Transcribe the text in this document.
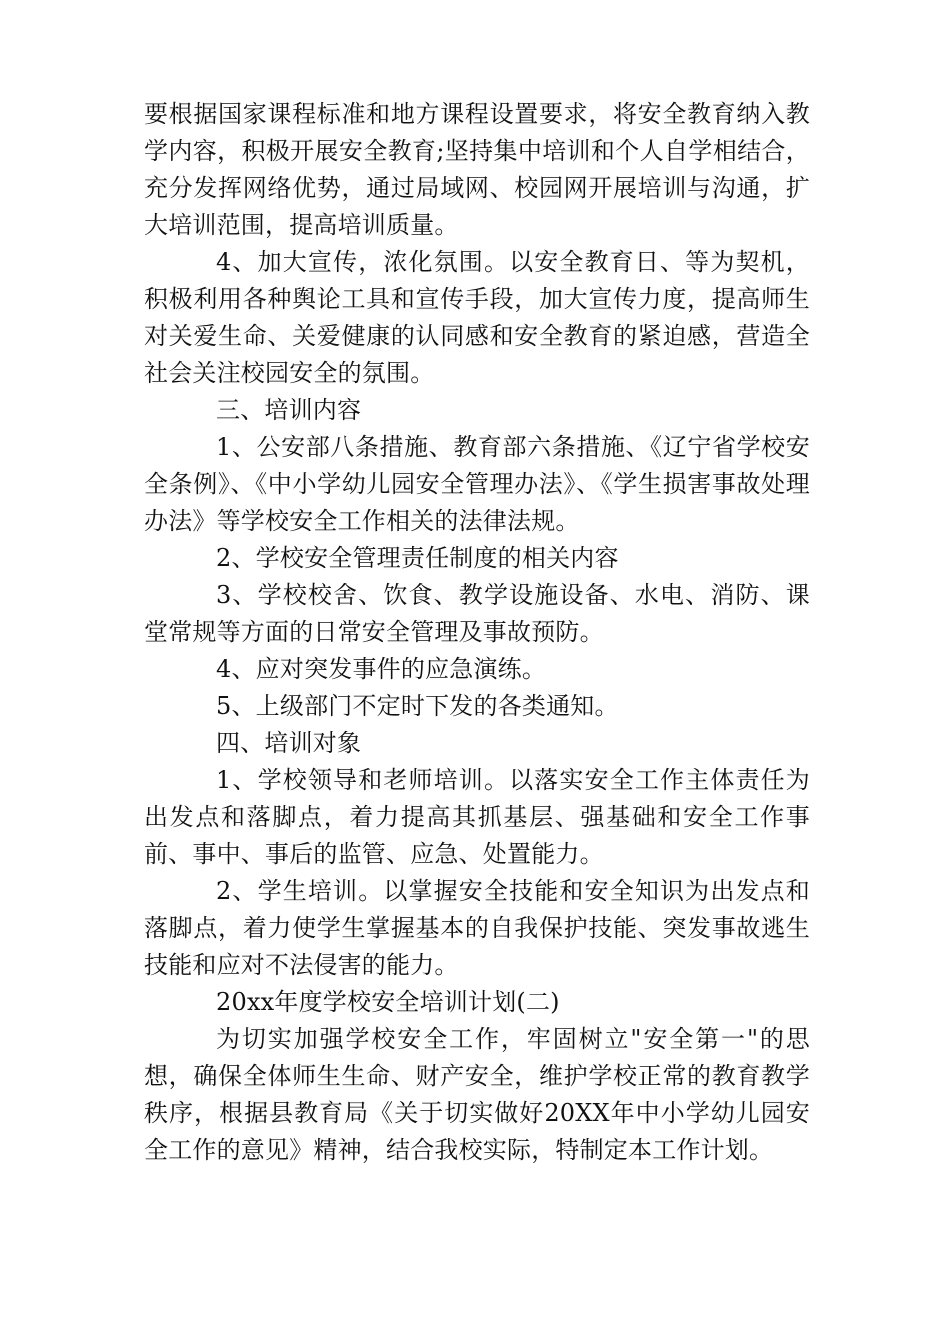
要根据国家课程标准和地方课程设置要求，将安全教育纳入教学内容，积极开展安全教育;坚持集中培训和个人自学相结合，充分发挥网络优势，通过局域网、校园网开展培训与沟通，扩大培训范围，提高培训质量。

4、加大宣传，浓化氛围。以安全教育日、等为契机，积极利用各种舆论工具和宣传手段，加大宣传力度，提高师生对关爱生命、关爱健康的认同感和安全教育的紧迫感，营造全社会关注校园安全的氛围。

三、培训内容

1、公安部八条措施、教育部六条措施、《辽宁省学校安全条例》、《中小学幼儿园安全管理办法》、《学生损害事故处理办法》等学校安全工作相关的法律法规。

2、学校安全管理责任制度的相关内容

3、学校校舍、饮食、教学设施设备、水电、消防、课堂常规等方面的日常安全管理及事故预防。

4、应对突发事件的应急演练。

5、上级部门不定时下发的各类通知。

四、培训对象

1、学校领导和老师培训。以落实安全工作主体责任为出发点和落脚点，着力提高其抓基层、强基础和安全工作事前、事中、事后的监管、应急、处置能力。

2、学生培训。以掌握安全技能和安全知识为出发点和落脚点，着力使学生掌握基本的自我保护技能、突发事故逃生技能和应对不法侵害的能力。

20xx年度学校安全培训计划(二)

为切实加强学校安全工作，牢固树立"安全第一"的思想，确保全体师生生命、财产安全，维护学校正常的教育教学秩序，根据县教育局《关于切实做好20XX年中小学幼儿园安全工作的意见》精神，结合我校实际，特制定本工作计划。
